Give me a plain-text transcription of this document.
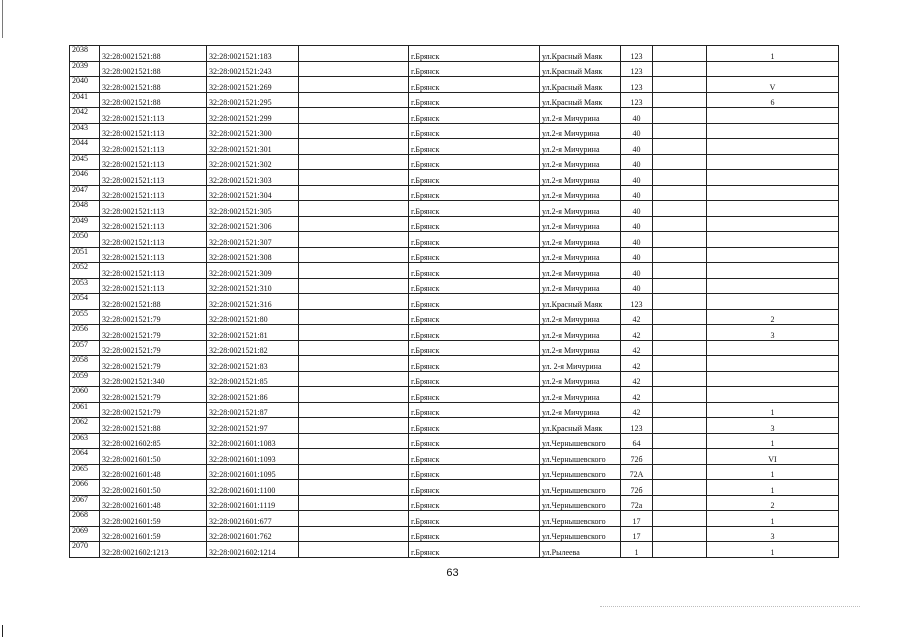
2038	32:28:0021521:88	32:28:0021521:183		г.Брянск	ул.Красный Маяк	123		1
2039	32:28:0021521:88	32:28:0021521:243		г.Брянск	ул.Красный Маяк	123		
2040	32:28:0021521:88	32:28:0021521:269		г.Брянск	ул.Красный Маяк	123		V
2041	32:28:0021521:88	32:28:0021521:295		г.Брянск	ул.Красный Маяк	123		6
2042	32:28:0021521:113	32:28:0021521:299		г.Брянск	ул.2-я Мичурина	40		
2043	32:28:0021521:113	32:28:0021521:300		г.Брянск	ул.2-я Мичурина	40		
2044	32:28:0021521:113	32:28:0021521:301		г.Брянск	ул.2-я Мичурина	40		
2045	32:28:0021521:113	32:28:0021521:302		г.Брянск	ул.2-я Мичурина	40		
2046	32:28:0021521:113	32:28:0021521:303		г.Брянск	ул.2-я Мичурина	40		
2047	32:28:0021521:113	32:28:0021521:304		г.Брянск	ул.2-я Мичурина	40		
2048	32:28:0021521:113	32:28:0021521:305		г.Брянск	ул.2-я Мичурина	40		
2049	32:28:0021521:113	32:28:0021521:306		г.Брянск	ул.2-я Мичурина	40		
2050	32:28:0021521:113	32:28:0021521:307		г.Брянск	ул.2-я Мичурина	40		
2051	32:28:0021521:113	32:28:0021521:308		г.Брянск	ул.2-я Мичурина	40		
2052	32:28:0021521:113	32:28:0021521:309		г.Брянск	ул.2-я Мичурина	40		
2053	32:28:0021521:113	32:28:0021521:310		г.Брянск	ул.2-я Мичурина	40		
2054	32:28:0021521:88	32:28:0021521:316		г.Брянск	ул.Красный Маяк	123		
2055	32:28:0021521:79	32:28:0021521:80		г.Брянск	ул.2-я Мичурина	42		2
2056	32:28:0021521:79	32:28:0021521:81		г.Брянск	ул.2-я Мичурина	42		3
2057	32:28:0021521:79	32:28:0021521:82		г.Брянск	ул.2-я Мичурина	42		
2058	32:28:0021521:79	32:28:0021521:83		г.Брянск	ул. 2-я Мичурина	42		
2059	32:28:0021521:340	32:28:0021521:85		г.Брянск	ул.2-я Мичурина	42		
2060	32:28:0021521:79	32:28:0021521:86		г.Брянск	ул.2-я Мичурина	42		
2061	32:28:0021521:79	32:28:0021521:87		г.Брянск	ул.2-я Мичурина	42		1
2062	32:28:0021521:88	32:28:0021521:97		г.Брянск	ул.Красный Маяк	123		3
2063	32:28:0021602:85	32:28:0021601:1083		г.Брянск	ул.Чернышевского	64		1
2064	32:28:0021601:50	32:28:0021601:1093		г.Брянск	ул.Чернышевского	72б		VI
2065	32:28:0021601:48	32:28:0021601:1095		г.Брянск	ул.Чернышевского	72А		1
2066	32:28:0021601:50	32:28:0021601:1100		г.Брянск	ул.Чернышевского	72б		1
2067	32:28:0021601:48	32:28:0021601:1119		г.Брянск	ул.Чернышевского	72а		2
2068	32:28:0021601:59	32:28:0021601:677		г.Брянск	ул.Чернышевского	17		1
2069	32:28:0021601:59	32:28:0021601:762		г.Брянск	ул.Чернышевского	17		3
2070	32:28:0021602:1213	32:28:0021602:1214		г.Брянск	ул.Рылеева	1		1
63
